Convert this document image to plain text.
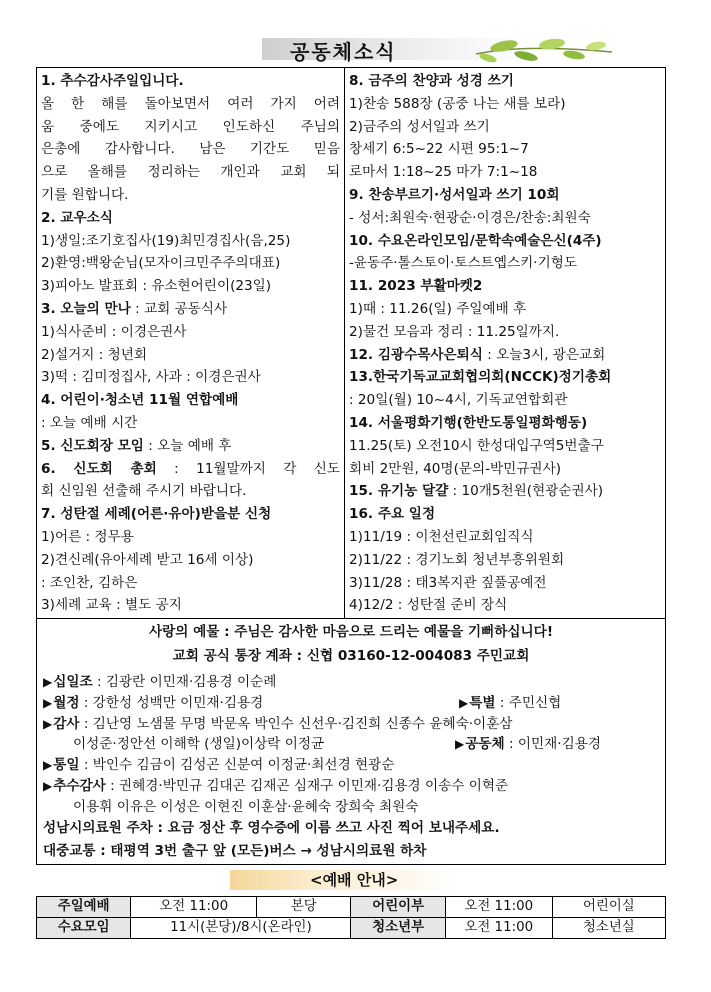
공동체소식
1. 추수감사주일입니다.
올 한 해를 돌아보면서 여러 가지 어려
움 중에도 지키시고 인도하신 주님의
은총에 감사합니다. 남은 기간도 믿음
으로 올해를 정리하는 개인과 교회 되
기를 원합니다.
2. 교우소식
1)생일:조기호집사(19)최민경집사(음,25)
2)환영:백왕순님(모자이크민주주의대표)
3)피아노 발표회 : 유소현어린이(23일)
3. 오늘의 만나 : 교회 공동식사
1)식사준비 : 이경은권사
2)설거지 : 청년회
3)떡 : 김미정집사, 사과 : 이경은권사
4. 어린이·청소년 11월 연합예배
: 오늘 예배 시간
5. 신도회장 모임 : 오늘 예배 후
6. 신도회 총회 : 11월말까지 각 신도
회 신임원 선출해 주시기 바랍니다.
7. 성탄절 세례(어른·유아)받을분 신청
1)어른 : 정무용
2)견신례(유아세례 받고 16세 이상)
: 조인찬, 김하은
3)세례 교육 : 별도 공지
8. 금주의 찬양과 성경 쓰기
1)찬송 588장 (공중 나는 새를 보라)
2)금주의 성서일과 쓰기
창세기 6:5~22 시편 95:1~7
로마서 1:18~25 마가 7:1~18
9. 찬송부르기·성서일과 쓰기 10회
- 성서:최원숙·현광순·이경은/찬송:최원숙
10. 수요온라인모임/문학속예술은신(4주)
-윤동주·톨스토이·토스트옙스키·기형도
11. 2023 부활마켓2
1)때 : 11.26(일) 주일예배 후
2)물건 모음과 정리 : 11.25일까지.
12. 김광수목사은퇴식 : 오늘3시, 광은교회
13.한국기독교교회협의회(NCCK)정기총회
: 20일(월) 10~4시, 기독교연합회관
14. 서울평화기행(한반도통일평화행동)
11.25(토) 오전10시 한성대입구역5번출구
회비 2만원, 40명(문의-박민규권사)
15. 유기농 달걀 : 10개5천원(현광순권사)
16. 주요 일정
1)11/19 : 이천선린교회임직식
2)11/22 : 경기노회 청년부흥위원회
3)11/28 : 태3복지관 짚풀공예전
4)12/2 : 성탄절 준비 장식
사랑의 예물 : 주님은 감사한 마음으로 드리는 예물을 기뻐하십니다!
교회 공식 통장 계좌 : 신협 03160-12-004083 주민교회
▶십일조 : 김광란 이민재·김용경 이순례
▶월정 : 강한성 성백만 이민재·김용경	▶특별 : 주민신협
▶감사 : 김난영 노샘물 무명 박문옥 박인수 신선우·김진희 신종수 윤혜숙·이훈삼
이성준·정안선 이해학 (생일)이상락 이정균	▶공동체 : 이민재·김용경
▶통일 : 박인수 김금이 김성곤 신분여 이정균·최선경 현광순
▶추수감사 : 권혜경·박민규 김대곤 김재곤 심재구 이민재·김용경 이송수 이혁준
이용휘 이유은 이성은 이현진 이훈삼·윤혜숙 장희숙 최원숙
성남시의료원 주차 : 요금 정산 후 영수증에 이름 쓰고 사진 찍어 보내주세요.
대중교통 : 태평역 3번 출구 앞 (모든)버스 → 성남시의료원 하차
<예배 안내>
주일예배	오전 11:00	본당	어린이부	오전 11:00	어린이실
수요모임	11시(본당)/8시(온라인)		청소년부	오전 11:00	청소년실
